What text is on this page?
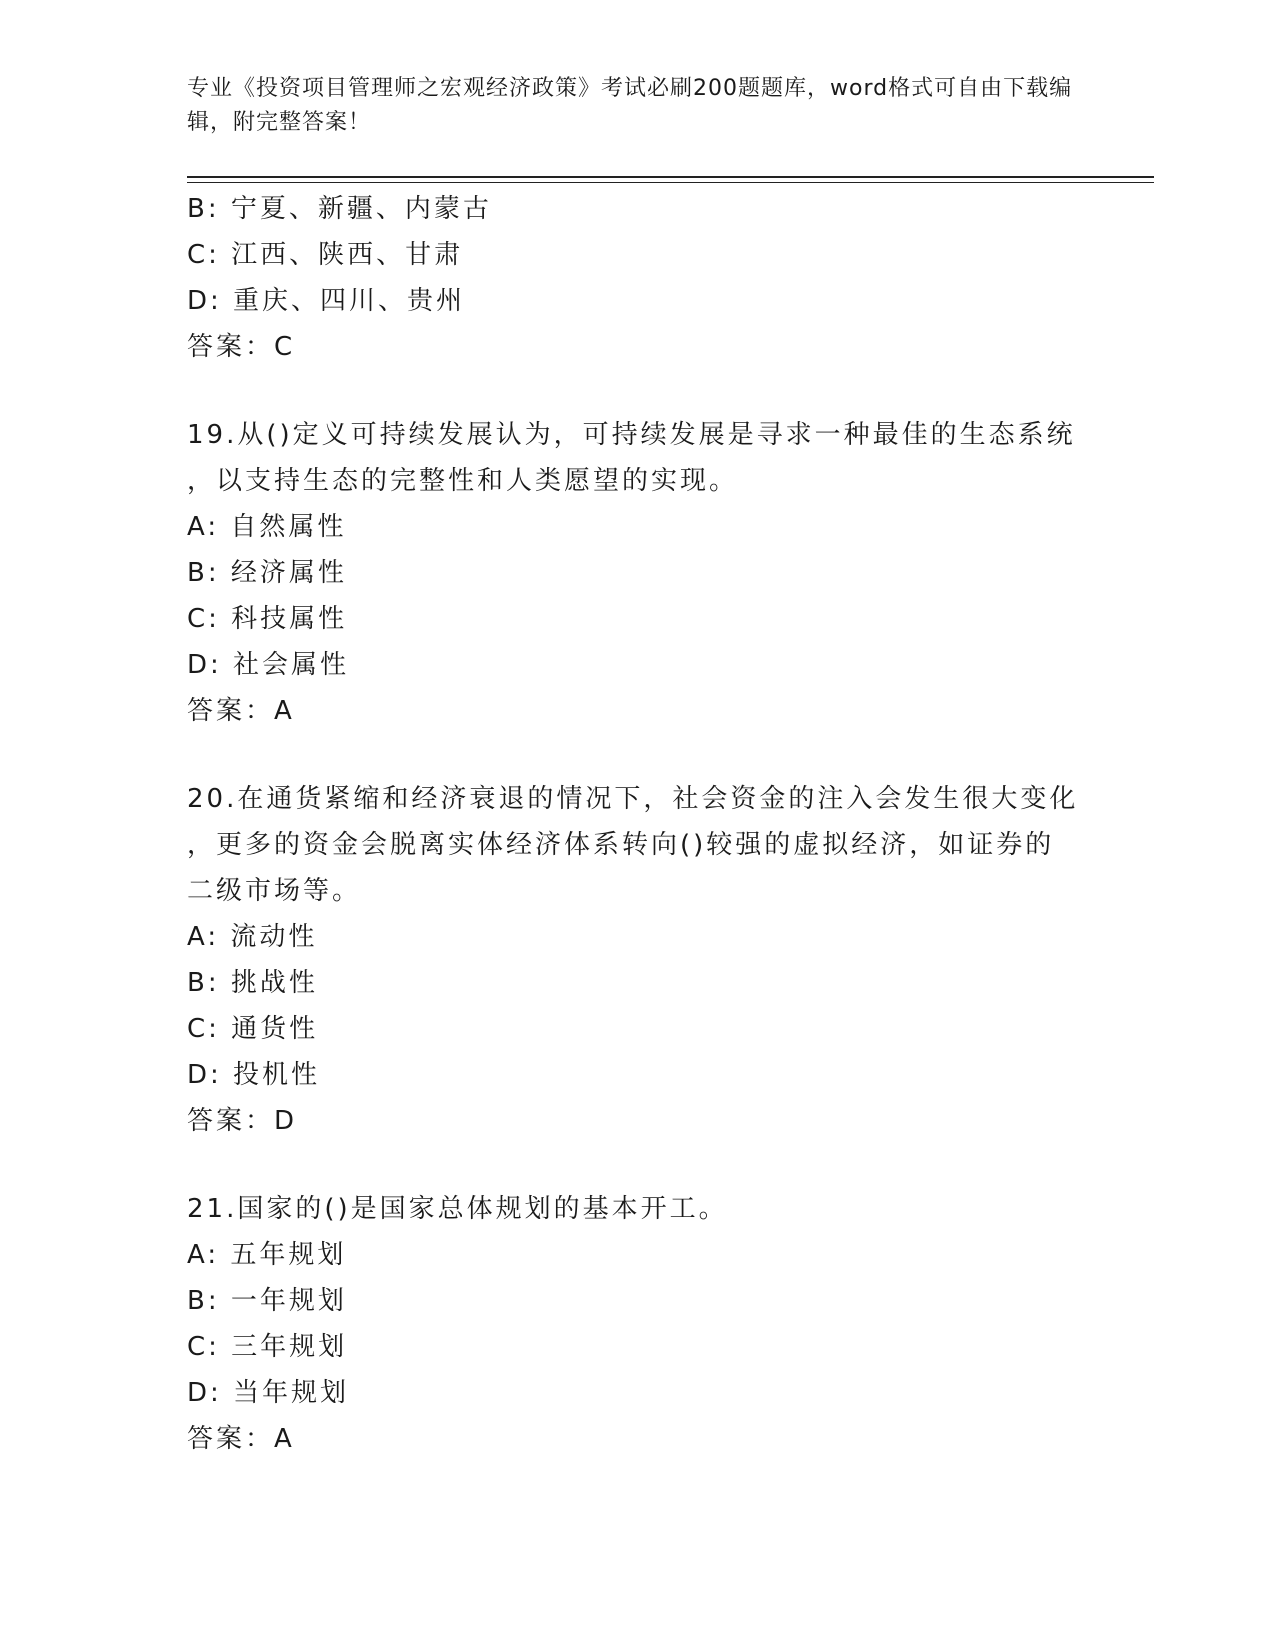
专业《投资项目管理师之宏观经济政策》考试必刷200题题库，word格式可自由下载编辑，附完整答案！
B: 宁夏、新疆、内蒙古
C: 江西、陕西、甘肃
D: 重庆、四川、贵州
答案：C
19.从()定义可持续发展认为，可持续发展是寻求一种最佳的生态系统
，以支持生态的完整性和人类愿望的实现。
A: 自然属性
B: 经济属性
C: 科技属性
D: 社会属性
答案：A
20.在通货紧缩和经济衰退的情况下，社会资金的注入会发生很大变化
，更多的资金会脱离实体经济体系转向()较强的虚拟经济，如证券的
二级市场等。
A: 流动性
B: 挑战性
C: 通货性
D: 投机性
答案：D
21.国家的()是国家总体规划的基本开工。
A: 五年规划
B: 一年规划
C: 三年规划
D: 当年规划
答案：A
